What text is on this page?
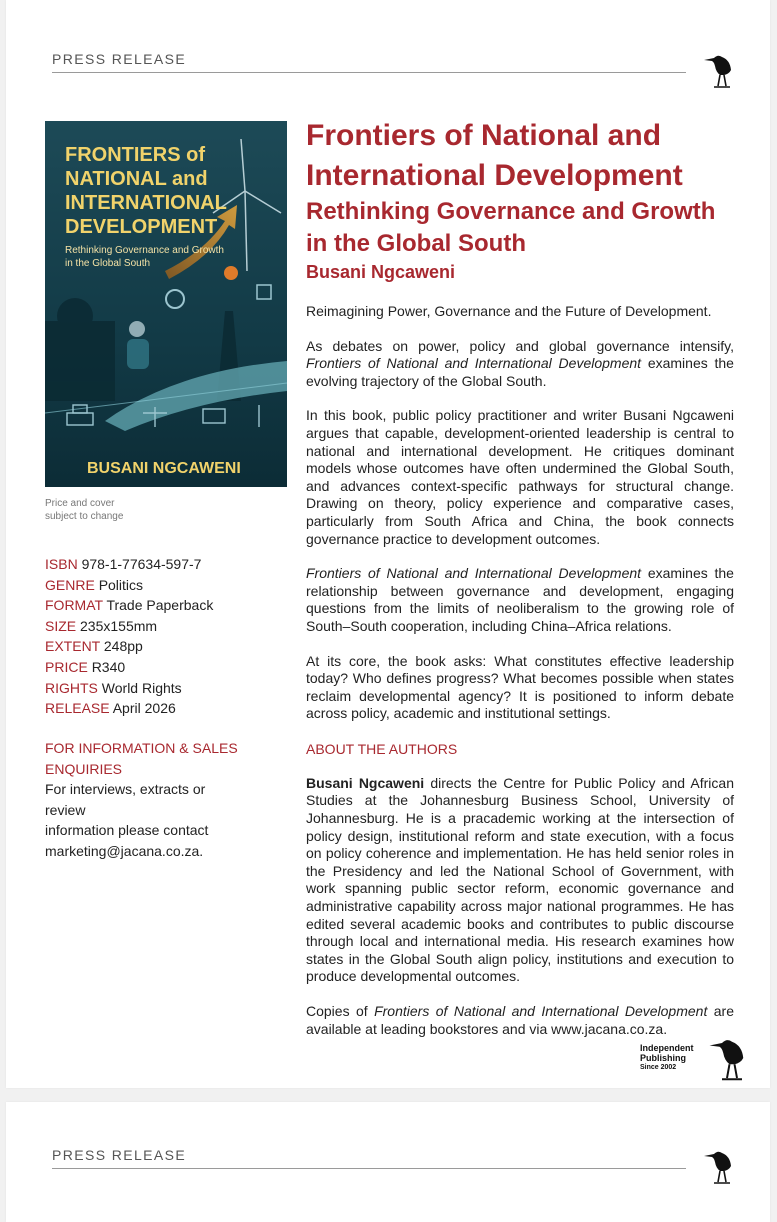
PRESS RELEASE
FRONTIERS of
NATIONAL and
INTERNATIONAL
DEVELOPMENT
Rethinking Governance and Growth
in the Global South
BUSANI NGCAWENI
Price and cover
subject to change
ISBN 978-1-77634-597-7
GENRE Politics
FORMAT Trade Paperback
SIZE 235x155mm
EXTENT 248pp
PRICE R340
RIGHTS World Rights
RELEASE April 2026
FOR INFORMATION & SALES
ENQUIRIES
For interviews, extracts or review
information please contact
marketing@jacana.co.za.
Frontiers of National and International Development
Rethinking Governance and Growth in the Global South
Busani Ngcaweni

Reimagining Power, Governance and the Future of Development.

As debates on power, policy and global governance intensify, Frontiers of National and International Development examines the evolving trajectory of the Global South.

In this book, public policy practitioner and writer Busani Ngcaweni argues that capable, development-oriented leadership is central to national and international development. He critiques dominant models whose outcomes have often undermined the Global South, and advances context-specific pathways for structural change. Drawing on theory, policy experience and comparative cases, particularly from South Africa and China, the book connects governance practice to development outcomes.

Frontiers of National and International Development examines the relationship between governance and development, engaging questions from the limits of neoliberalism to the growing role of South–South cooperation, including China–Africa relations.

At its core, the book asks: What constitutes effective leadership today? Who defines progress? What becomes possible when states reclaim developmental agency? It is positioned to inform debate across policy, academic and institutional settings.

ABOUT THE AUTHORS

Busani Ngcaweni directs the Centre for Public Policy and African Studies at the Johannesburg Business School, University of Johannesburg. He is a pracademic working at the intersection of policy design, institutional reform and state execution, with a focus on policy coherence and implementation. He has held senior roles in the Presidency and led the National School of Government, with work spanning public sector reform, economic governance and administrative capability across major national programmes. He has edited several academic books and contributes to public discourse through local and international media. His research examines how states in the Global South align policy, institutions and execution to produce developmental outcomes.

Copies of Frontiers of National and International Development are available at leading bookstores and via www.jacana.co.za.

Independent
Publishing
Since 2002
PRESS RELEASE
